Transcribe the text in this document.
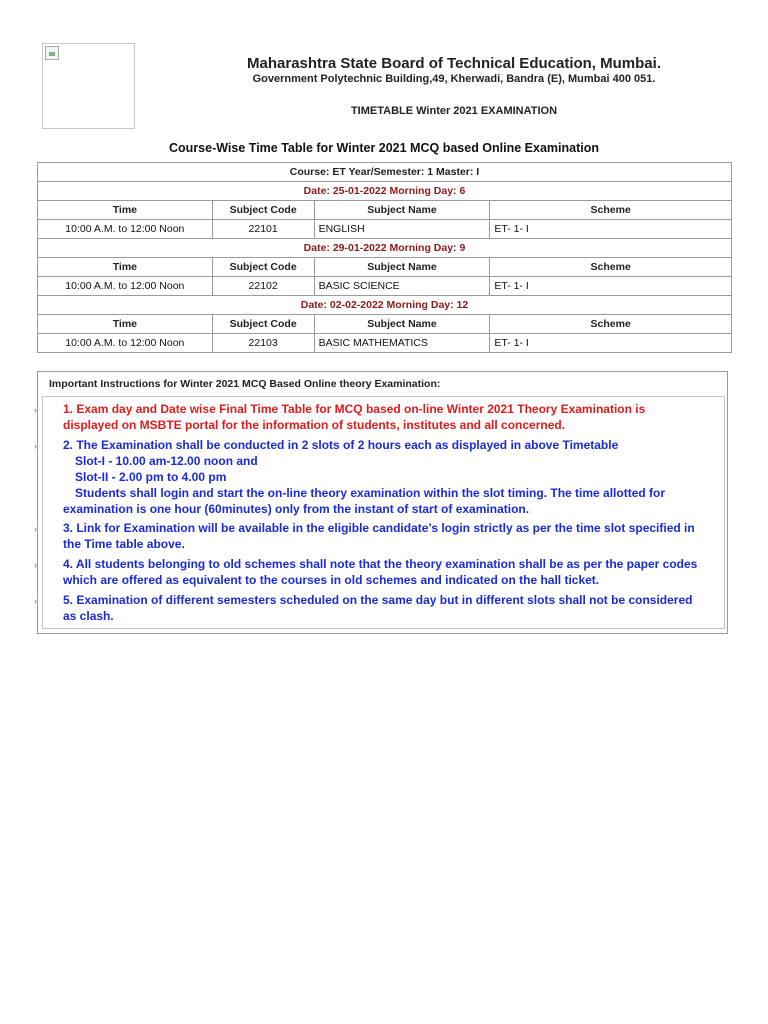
Maharashtra State Board of Technical Education, Mumbai.
Government Polytechnic Building,49, Kherwadi, Bandra (E), Mumbai 400 051.
TIMETABLE Winter 2021 EXAMINATION
Course-Wise Time Table for Winter 2021 MCQ based Online Examination
Course: ET Year/Semester: 1 Master: I			
Date: 25-01-2022 Morning Day: 6			
Time	Subject Code	Subject Name	Scheme
10:00 A.M. to 12:00 Noon	22101	ENGLISH	ET- 1- I
Date: 29-01-2022 Morning Day: 9			
Time	Subject Code	Subject Name	Scheme
10:00 A.M. to 12:00 Noon	22102	BASIC SCIENCE	ET- 1- I
Date: 02-02-2022 Morning Day: 12			
Time	Subject Code	Subject Name	Scheme
10:00 A.M. to 12:00 Noon	22103	BASIC MATHEMATICS	ET- 1- I
Important Instructions for Winter 2021 MCQ Based Online theory Examination:
1. Exam day and Date wise Final Time Table for MCQ based on-line Winter 2021 Theory Examination is
displayed on MSBTE portal for the information of students, institutes and all concerned.
2. The Examination shall be conducted in 2 slots of 2 hours each as displayed in above Timetable
Slot-I - 10.00 am-12.00 noon and
Slot-II - 2.00 pm to 4.00 pm
Students shall login and start the on-line theory examination within the slot timing. The time allotted for
examination is one hour (60minutes) only from the instant of start of examination.
3. Link for Examination will be available in the eligible candidate’s login strictly as per the time slot specified in
the Time table above.
4. All students belonging to old schemes shall note that the theory examination shall be as per the paper codes
which are offered as equivalent to the courses in old schemes and indicated on the hall ticket.
5. Examination of different semesters scheduled on the same day but in different slots shall not be considered
as clash.
›
›
›
›
›
